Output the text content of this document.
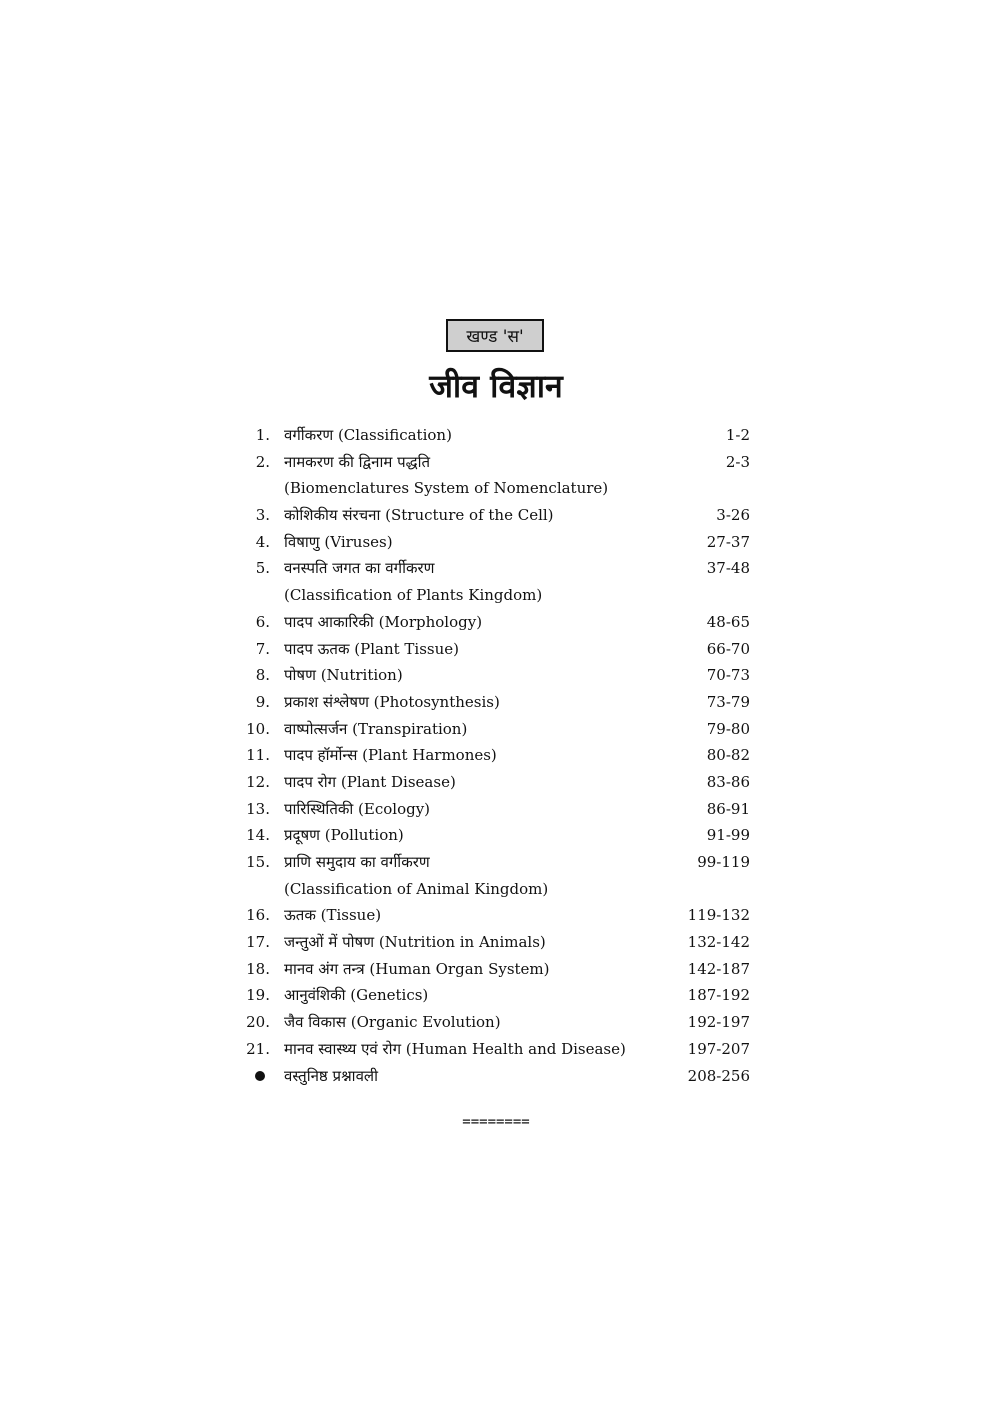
खण्ड 'स'
जीव विज्ञान
1. वर्गीकरण (Classification)	1-2
2. नामकरण की द्विनाम पद्धति	2-3
(Biomenclatures System of Nomenclature)
3. कोशिकीय संरचना (Structure of the Cell)	3-26
4. विषाणु (Viruses)	27-37
5. वनस्पति जगत का वर्गीकरण	37-48
(Classification of Plants Kingdom)
6. पादप आकारिकी (Morphology)	48-65
7. पादप ऊतक (Plant Tissue)	66-70
8. पोषण (Nutrition)	70-73
9. प्रकाश संश्लेषण (Photosynthesis)	73-79
10. वाष्पोत्सर्जन (Transpiration)	79-80
11. पादप हॉर्मोन्स (Plant Harmones)	80-82
12. पादप रोग (Plant Disease)	83-86
13. पारिस्थितिकी (Ecology)	86-91
14. प्रदूषण (Pollution)	91-99
15. प्राणि समुदाय का वर्गीकरण	99-119
(Classification of Animal Kingdom)
16. ऊतक (Tissue)	119-132
17. जन्तुओं में पोषण (Nutrition in Animals)	132-142
18. मानव अंग तन्त्र (Human Organ System)	142-187
19. आनुवंशिकी (Genetics)	187-192
20. जैव विकास (Organic Evolution)	192-197
21. मानव स्वास्थ्य एवं रोग (Human Health and Disease)	197-207
वस्तुनिष्ठ प्रश्नावली	208-256
========
